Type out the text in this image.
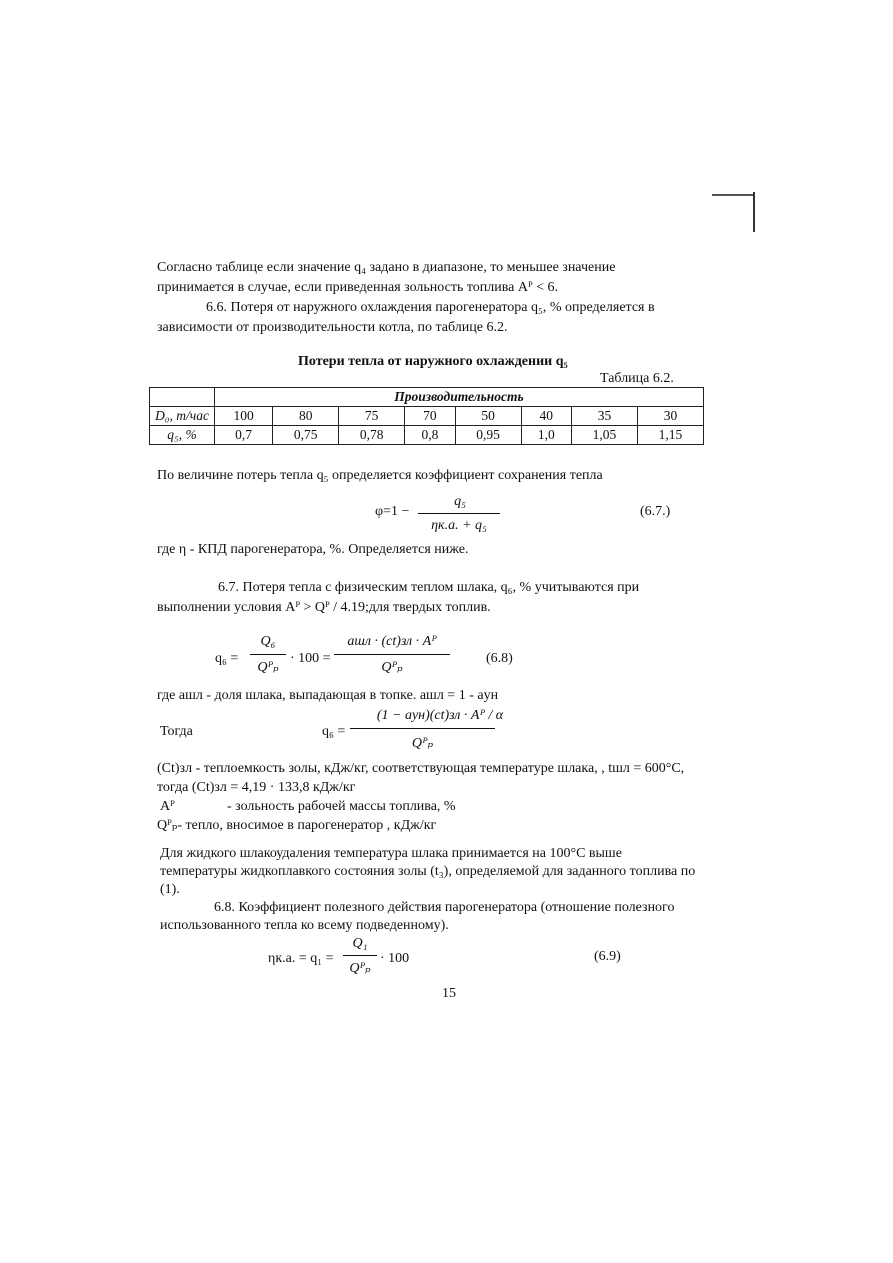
Согласно таблице если значение q₄ задано в диапазоне, то меньшее значение
принимается в случае, если приведенная зольность топлива Aᴾ < 6.
6.6. Потеря от наружного охлаждения парогенератора q₅, % определяется в
зависимости от производительности котла, по таблице 6.2.
Потери тепла от наружного охлаждении q₅
Таблица 6.2.
	Производительность							
D₀, т/час	100	80	75	70	50	40	35	30
q₅, %	0,7	0,75	0,78	0,8	0,95	1,0	1,05	1,15
По величине потерь тепла q₅ определяется коэффициент сохранения тепла
φ=1 −
q₅
ηк.а. + q₅
(6.7.)
где η - КПД парогенератора, %. Определяется ниже.
6.7. Потеря тепла с физическим теплом шлака, q₆, % учитываются при
выполнении условия Aᴾ > Qᴾ / 4.19;для твердых топлив.
q₆ =
Q₆
Qᴾₚ
· 100 =
aшл · (ct)зл · Aᴾ
Qᴾₚ
(6.8)
где aшл - доля шлака, выпадающая в топке. aшл = 1 - aун
Тогда	q₆ =
(1 − aун)(ct)зл · Aᴾ / α
Qᴾₚ
(Ct)зл - теплоемкость золы, кДж/кг, соответствующая температуре шлака, , tшл = 600°C,
тогда (Ct)зл = 4,19 · 133,8 кДж/кг
Aᴾ	- зольность рабочей массы топлива, %
Qᴾₚ- тепло, вносимое в парогенератор , кДж/кг
Для жидкого шлакоудаления температура шлака принимается на 100°С выше
температуры жидкоплавкого состояния золы (t₃), определяемой для заданного топлива по
(1).
6.8. Коэффициент полезного действия парогенератора (отношение полезного
использованного тепла ко всему подведенному).
ηк.а. = q₁ =
Q₁
Qᴾₚ
· 100	(6.9)
15
